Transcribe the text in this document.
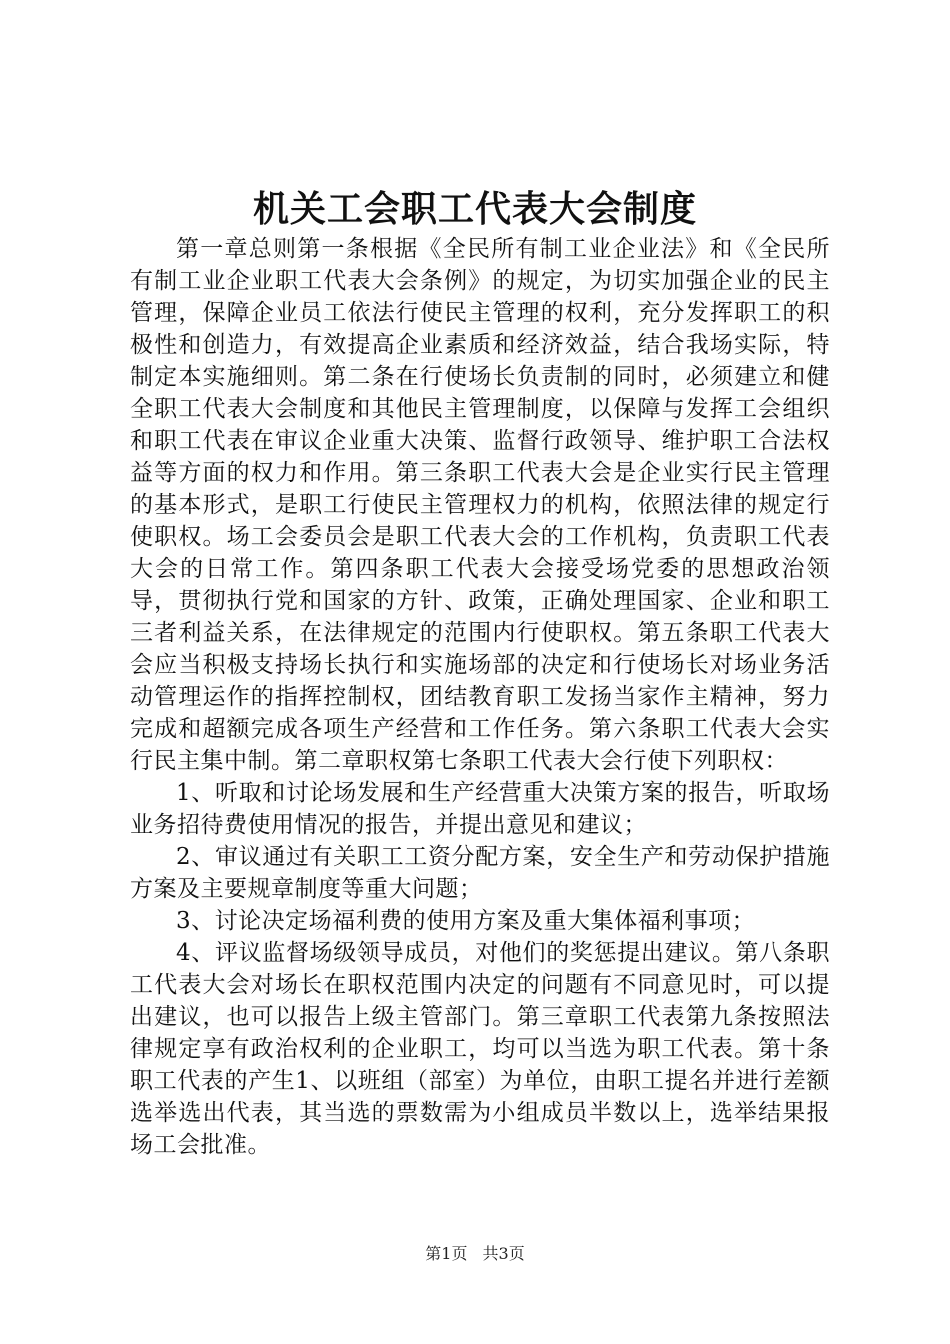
机关工会职工代表大会制度

第一章总则第一条根据《全民所有制工业企业法》和《全民所有制工业企业职工代表大会条例》的规定，为切实加强企业的民主管理，保障企业员工依法行使民主管理的权利，充分发挥职工的积极性和创造力，有效提高企业素质和经济效益，结合我场实际，特制定本实施细则。第二条在行使场长负责制的同时，必须建立和健全职工代表大会制度和其他民主管理制度，以保障与发挥工会组织和职工代表在审议企业重大决策、监督行政领导、维护职工合法权益等方面的权力和作用。第三条职工代表大会是企业实行民主管理的基本形式，是职工行使民主管理权力的机构，依照法律的规定行使职权。场工会委员会是职工代表大会的工作机构，负责职工代表大会的日常工作。第四条职工代表大会接受场党委的思想政治领导，贯彻执行党和国家的方针、政策，正确处理国家、企业和职工三者利益关系，在法律规定的范围内行使职权。第五条职工代表大会应当积极支持场长执行和实施场部的决定和行使场长对场业务活动管理运作的指挥控制权，团结教育职工发扬当家作主精神，努力完成和超额完成各项生产经营和工作任务。第六条职工代表大会实行民主集中制。第二章职权第七条职工代表大会行使下列职权：

1、听取和讨论场发展和生产经营重大决策方案的报告，听取场业务招待费使用情况的报告，并提出意见和建议；

2、审议通过有关职工工资分配方案，安全生产和劳动保护措施方案及主要规章制度等重大问题；

3、讨论决定场福利费的使用方案及重大集体福利事项；

4、评议监督场级领导成员，对他们的奖惩提出建议。第八条职工代表大会对场长在职权范围内决定的问题有不同意见时，可以提出建议，也可以报告上级主管部门。第三章职工代表第九条按照法律规定享有政治权利的企业职工，均可以当选为职工代表。第十条职工代表的产生1、以班组（部室）为单位，由职工提名并进行差额选举选出代表，其当选的票数需为小组成员半数以上，选举结果报场工会批准。

第1页 共3页
